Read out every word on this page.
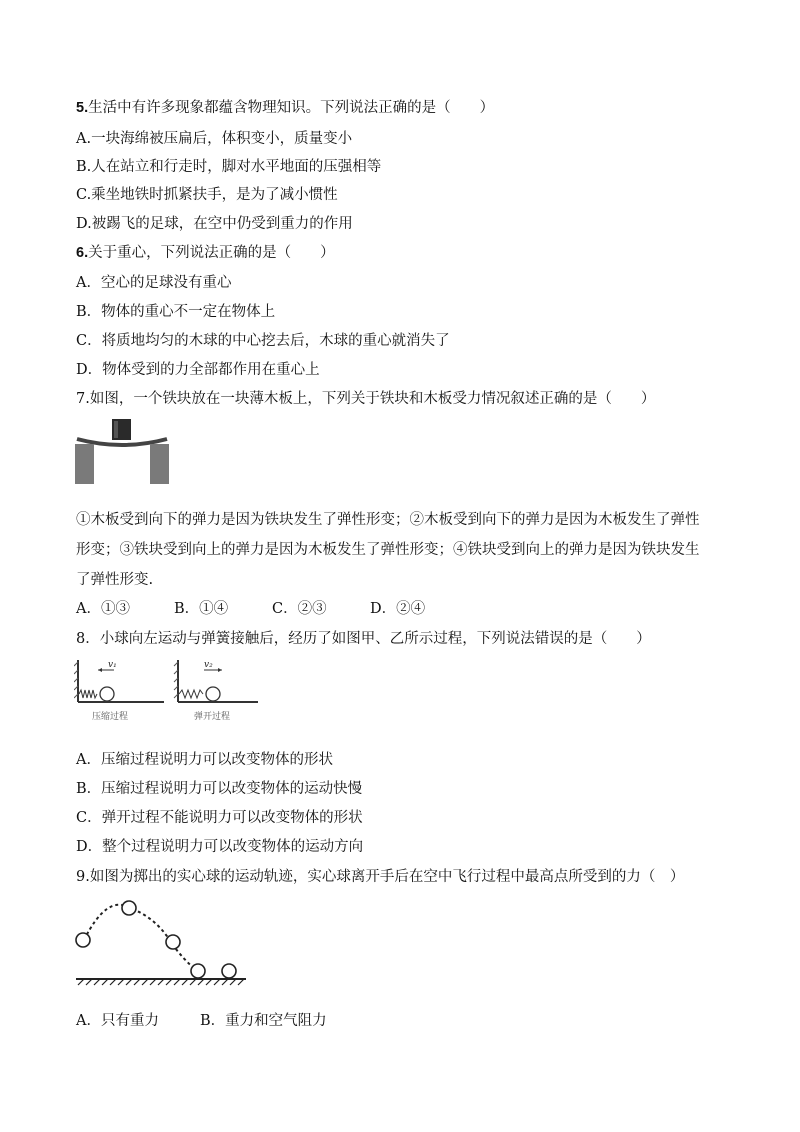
5.生活中有许多现象都蕴含物理知识。下列说法正确的是（　　）
A.一块海绵被压扁后，体积变小，质量变小
B.人在站立和行走时，脚对水平地面的压强相等
C.乘坐地铁时抓紧扶手，是为了减小惯性
D.被踢飞的足球，在空中仍受到重力的作用
6.关于重心，下列说法正确的是（　　）
A．空心的足球没有重心
B．物体的重心不一定在物体上
C．将质地均匀的木球的中心挖去后，木球的重心就消失了
D．物体受到的力全部都作用在重心上
7.如图，一个铁块放在一块薄木板上，下列关于铁块和木板受力情况叙述正确的是（　　）
①木板受到向下的弹力是因为铁块发生了弹性形变；②木板受到向下的弹力是因为木板发生了弹性
形变；③铁块受到向上的弹力是因为木板发生了弹性形变；④铁块受到向上的弹力是因为铁块发生
了弹性形变.
A．①③	B．①④	C．②③	D．②④
8．小球向左运动与弹簧接触后，经历了如图甲、乙所示过程，下列说法错误的是（　　）
v₁
压缩过程
v₂
弹开过程
A．压缩过程说明力可以改变物体的形状
B．压缩过程说明力可以改变物体的运动快慢
C．弹开过程不能说明力可以改变物体的形状
D．整个过程说明力可以改变物体的运动方向
9.如图为掷出的实心球的运动轨迹，实心球离开手后在空中飞行过程中最高点所受到的力（　）
A．只有重力	B．重力和空气阻力
